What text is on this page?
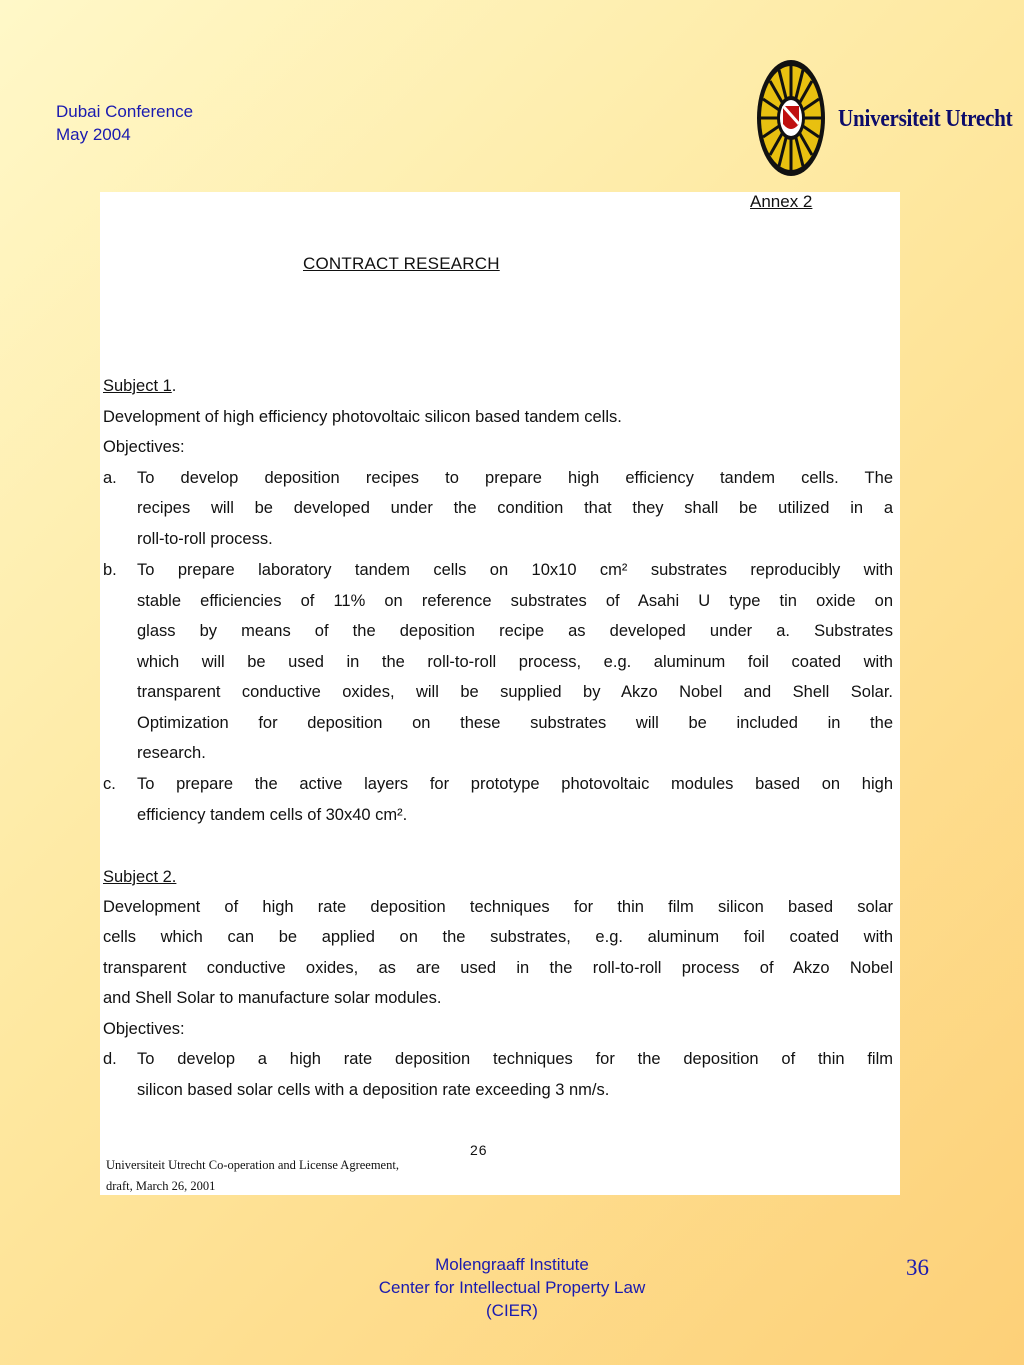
Dubai Conference
May 2004
Universiteit Utrecht
Annex 2
CONTRACT RESEARCH
Subject 1.
Development of high efficiency photovoltaic silicon based tandem cells.
Objectives:
a. To develop deposition recipes to prepare high efficiency tandem cells. The
recipes will be developed under the condition that they shall be utilized in a
roll-to-roll process.
b. To prepare laboratory tandem cells on 10x10 cm² substrates reproducibly with
stable efficiencies of 11% on reference substrates of Asahi U type tin oxide on
glass by means of the deposition recipe as developed under a. Substrates
which will be used in the roll-to-roll process, e.g. aluminum foil coated with
transparent conductive oxides, will be supplied by Akzo Nobel and Shell Solar.
Optimization for deposition on these substrates will be included in the
research.
c. To prepare the active layers for prototype photovoltaic modules based on high
efficiency tandem cells of 30x40 cm².
Subject 2.
Development of high rate deposition techniques for thin film silicon based solar
cells which can be applied on the substrates, e.g. aluminum foil coated with
transparent conductive oxides, as are used in the roll-to-roll process of Akzo Nobel
and Shell Solar to manufacture solar modules.
Objectives:
d. To develop a high rate deposition techniques for the deposition of thin film
silicon based solar cells with a deposition rate exceeding 3 nm/s.
26
Universiteit Utrecht Co-operation and License Agreement,
draft, March 26, 2001
Molengraaff Institute
Center for Intellectual Property Law
(CIER)
36
